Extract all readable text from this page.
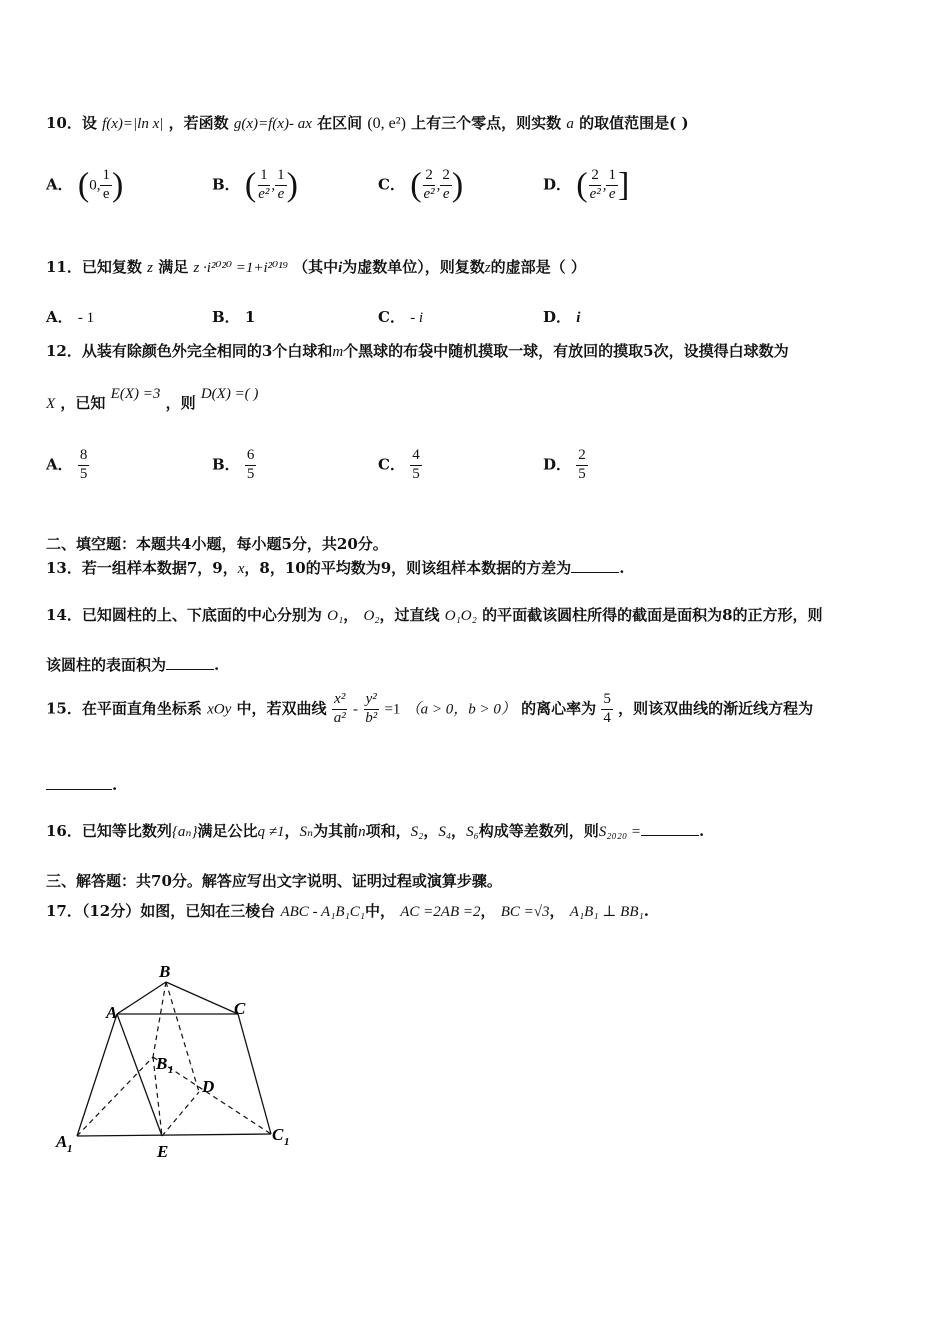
10．设 f(x)=|ln x| ，若函数 g(x)=f(x)- ax 在区间 (0, e²) 上有三个零点，则实数 a 的取值范围是( )
A． (0, $\frac{1}{e}$ )	B． ( $\frac{1}{\text{e²}}$ , $\frac{1}{e}$ )	C． ( $\frac{2}{\text{e²}}$ , $\frac{2}{e}$ )	D． ( $\frac{2}{\text{e²}}$ , $\frac{1}{e}$ ]
11．已知复数 z 满足 z ·i²⁰²⁰ =1+i²⁰¹⁹ （其中i为虚数单位），则复数z的虚部是（ ）
A． - 1	B． 1	C． - i	D． i
12．从装有除颜色外完全相同的3个白球和m个黑球的布袋中随机摸取一球，有放回的摸取5次，设摸得白球数为
X ，已知 E(X) =3 ，则 D(X) =( )
A． $\frac{8}{5}$	B． $\frac{6}{5}$	C． $\frac{4}{5}$	D． $\frac{2}{5}$
二、填空题：本题共4小题，每小题5分，共20分。
13．若一组样本数据7，9，x，8，10的平均数为9，则该组样本数据的方差为	.
14．已知圆柱的上、下底面的中心分别为 O₁， O₂，过直线 O₁O₂ 的平面截该圆柱所得的截面是面积为8的正方形，则
该圆柱的表面积为	.
15．在平面直角坐标系 xOy 中，若双曲线 $\frac{\text{x²}}{\text{a²}} - \frac{\text{y²}}{\text{b²}} =1$ （a > 0，b > 0） 的离心率为 $\frac{5}{4}$ ，则该双曲线的渐近线方程为
.
16．已知等比数列{aₙ}满足公比q ≠1，Sₙ为其前n项和，S₂，S₄，S₆构成等差数列，则S₂₀₂₀ =	.
三、解答题：共70分。解答应写出文字说明、证明过程或演算步骤。
17．（12分）如图，已知在三棱台 ABC - A₁B₁C₁中， AC =2AB =2， BC =√3， A₁B₁ ⊥ BB₁.
B
A	C
B 1
D
A 1	E
C 1
